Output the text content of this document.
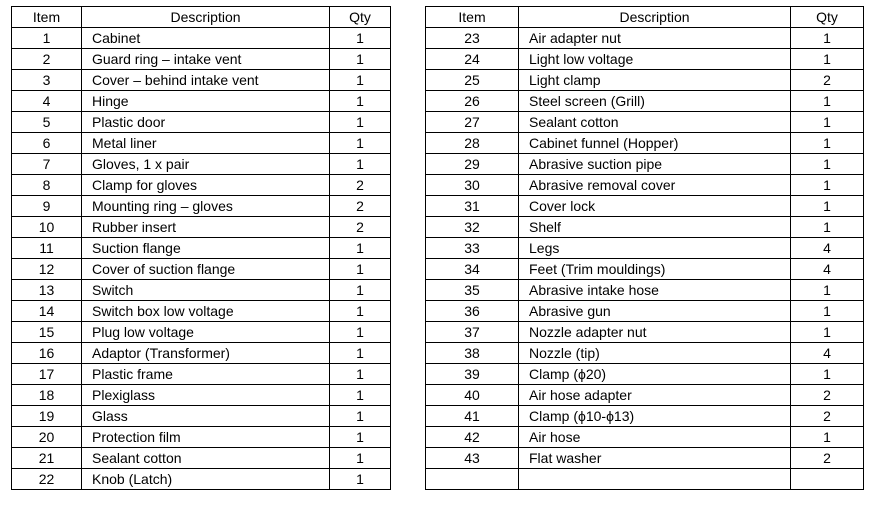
Item	Description	Qty
1	Cabinet	1
2	Guard ring – intake vent	1
3	Cover – behind intake vent	1
4	Hinge	1
5	Plastic door	1
6	Metal liner	1
7	Gloves, 1 x pair	1
8	Clamp for gloves	2
9	Mounting ring – gloves	2
10	Rubber insert	2
11	Suction flange	1
12	Cover of suction flange	1
13	Switch	1
14	Switch box low voltage	1
15	Plug low voltage	1
16	Adaptor (Transformer)	1
17	Plastic frame	1
18	Plexiglass	1
19	Glass	1
20	Protection film	1
21	Sealant cotton	1
22	Knob (Latch)	1
Item	Description	Qty
23	Air adapter nut	1
24	Light low voltage	1
25	Light clamp	2
26	Steel screen (Grill)	1
27	Sealant cotton	1
28	Cabinet funnel (Hopper)	1
29	Abrasive suction pipe	1
30	Abrasive removal cover	1
31	Cover lock	1
32	Shelf	1
33	Legs	4
34	Feet (Trim mouldings)	4
35	Abrasive intake hose	1
36	Abrasive gun	1
37	Nozzle adapter nut	1
38	Nozzle (tip)	4
39	Clamp (ϕ20)	1
40	Air hose adapter	2
41	Clamp (ϕ10-ϕ13)	2
42	Air hose	1
43	Flat washer	2
